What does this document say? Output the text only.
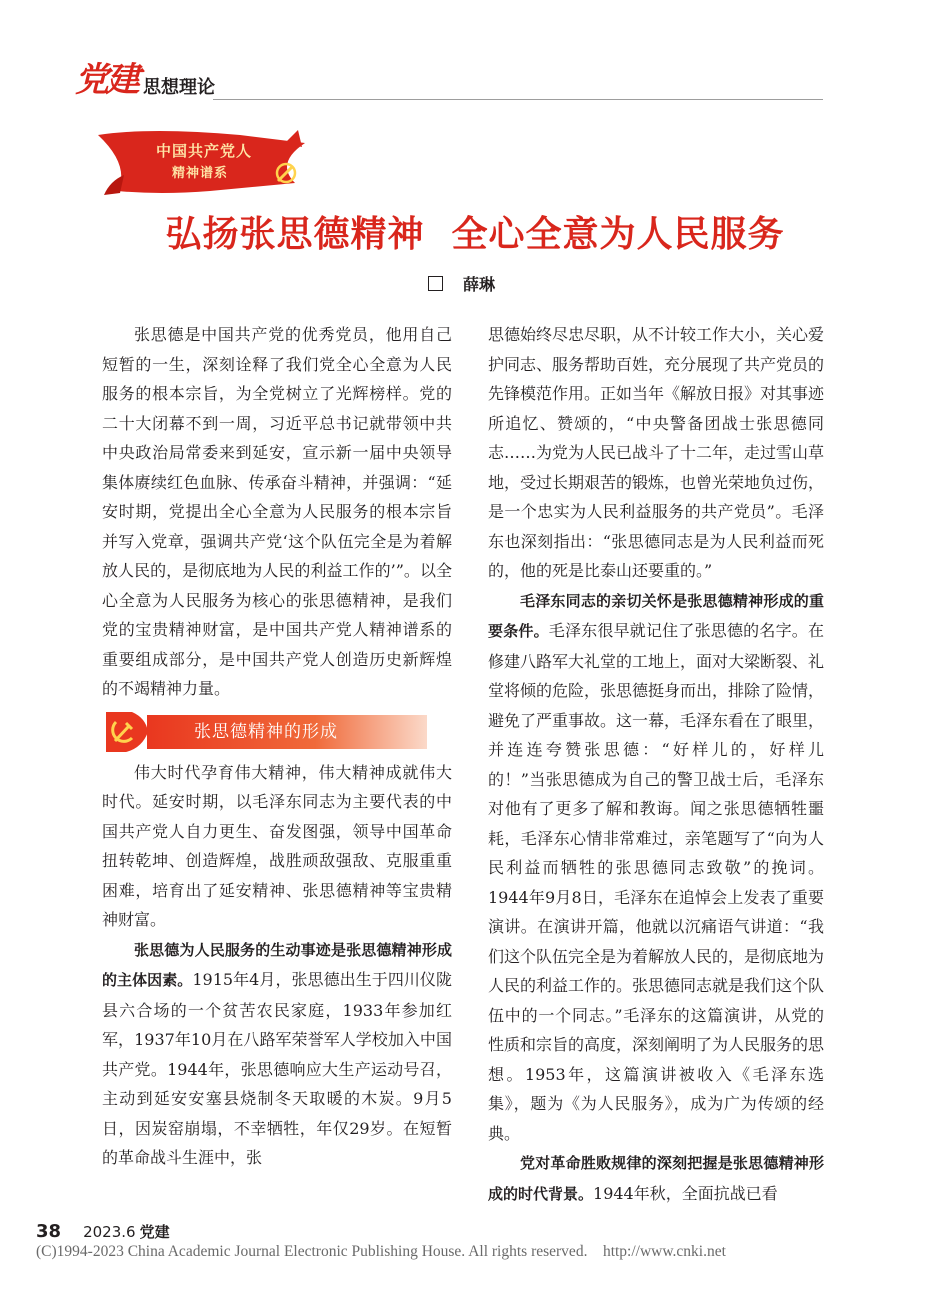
党建 思想理论
中国共产党人
精神谱系
弘扬张思德精神  全心全意为人民服务
薛琳

张思德是中国共产党的优秀党员，他用自己短暂的一生，深刻诠释了我们党全心全意为人民服务的根本宗旨，为全党树立了光辉榜样。党的二十大闭幕不到一周，习近平总书记就带领中共中央政治局常委来到延安，宣示新一届中央领导集体赓续红色血脉、传承奋斗精神，并强调：“延安时期，党提出全心全意为人民服务的根本宗旨并写入党章，强调共产党‘这个队伍完全是为着解放人民的，是彻底地为人民的利益工作的’”。以全心全意为人民服务为核心的张思德精神，是我们党的宝贵精神财富，是中国共产党人精神谱系的重要组成部分，是中国共产党人创造历史新辉煌的不竭精神力量。

张思德精神的形成

伟大时代孕育伟大精神，伟大精神成就伟大时代。延安时期，以毛泽东同志为主要代表的中国共产党人自力更生、奋发图强，领导中国革命扭转乾坤、创造辉煌，战胜顽敌强敌、克服重重困难，培育出了延安精神、张思德精神等宝贵精神财富。

张思德为人民服务的生动事迹是张思德精神形成的主体因素。1915年4月，张思德出生于四川仪陇县六合场的一个贫苦农民家庭，1933年参加红军，1937年10月在八路军荣誉军人学校加入中国共产党。1944年，张思德响应大生产运动号召，主动到延安安塞县烧制冬天取暖的木炭。9月5日，因炭窑崩塌，不幸牺牲，年仅29岁。在短暂的革命战斗生涯中，张

思德始终尽忠尽职，从不计较工作大小，关心爱护同志、服务帮助百姓，充分展现了共产党员的先锋模范作用。正如当年《解放日报》对其事迹所追忆、赞颂的，“中央警备团战士张思德同志……为党为人民已战斗了十二年，走过雪山草地，受过长期艰苦的锻炼，也曾光荣地负过伤，是一个忠实为人民利益服务的共产党员”。毛泽东也深刻指出：“张思德同志是为人民利益而死的，他的死是比泰山还要重的。”

毛泽东同志的亲切关怀是张思德精神形成的重要条件。毛泽东很早就记住了张思德的名字。在修建八路军大礼堂的工地上，面对大梁断裂、礼堂将倾的危险，张思德挺身而出，排除了险情，避免了严重事故。这一幕，毛泽东看在了眼里，并连连夸赞张思德：“好样儿的，好样儿的！”当张思德成为自己的警卫战士后，毛泽东对他有了更多了解和教诲。闻之张思德牺牲噩耗，毛泽东心情非常难过，亲笔题写了“向为人民利益而牺牲的张思德同志致敬”的挽词。1944年9月8日，毛泽东在追悼会上发表了重要演讲。在演讲开篇，他就以沉痛语气讲道：“我们这个队伍完全是为着解放人民的，是彻底地为人民的利益工作的。张思德同志就是我们这个队伍中的一个同志。”毛泽东的这篇演讲，从党的性质和宗旨的高度，深刻阐明了为人民服务的思想。1953年，这篇演讲被收入《毛泽东选集》，题为《为人民服务》，成为广为传颂的经典。

党对革命胜败规律的深刻把握是张思德精神形成的时代背景。1944年秋，全面抗战已看

38 2023.6 党建
(C)1994-2023 China Academic Journal Electronic Publishing House. All rights reserved.    http://www.cnki.net
